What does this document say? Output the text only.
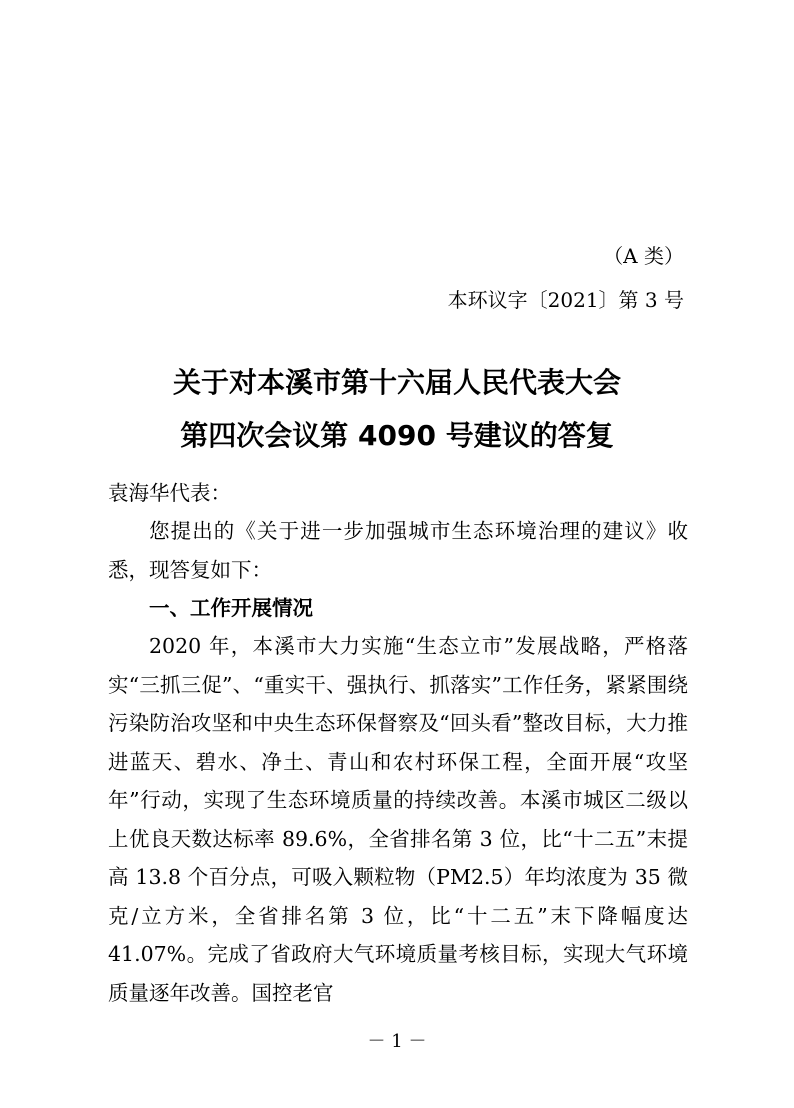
（A 类）
本环议字〔2021〕第 3 号
关于对本溪市第十六届人民代表大会
第四次会议第 4090 号建议的答复
袁海华代表：
您提出的《关于进一步加强城市生态环境治理的建议》收悉，现答复如下：
一、工作开展情况
2020 年，本溪市大力实施“生态立市”发展战略，严格落实“三抓三促”、“重实干、强执行、抓落实”工作任务，紧紧围绕污染防治攻坚和中央生态环保督察及“回头看”整改目标，大力推进蓝天、碧水、净土、青山和农村环保工程，全面开展“攻坚年”行动，实现了生态环境质量的持续改善。本溪市城区二级以上优良天数达标率 89.6%，全省排名第 3 位，比“十二五”末提高 13.8 个百分点，可吸入颗粒物（PM2.5）年均浓度为 35 微克/立方米，全省排名第 3 位，比“十二五”末下降幅度达 41.07%。完成了省政府大气环境质量考核目标，实现大气环境质量逐年改善。国控老官
－ 1 －
